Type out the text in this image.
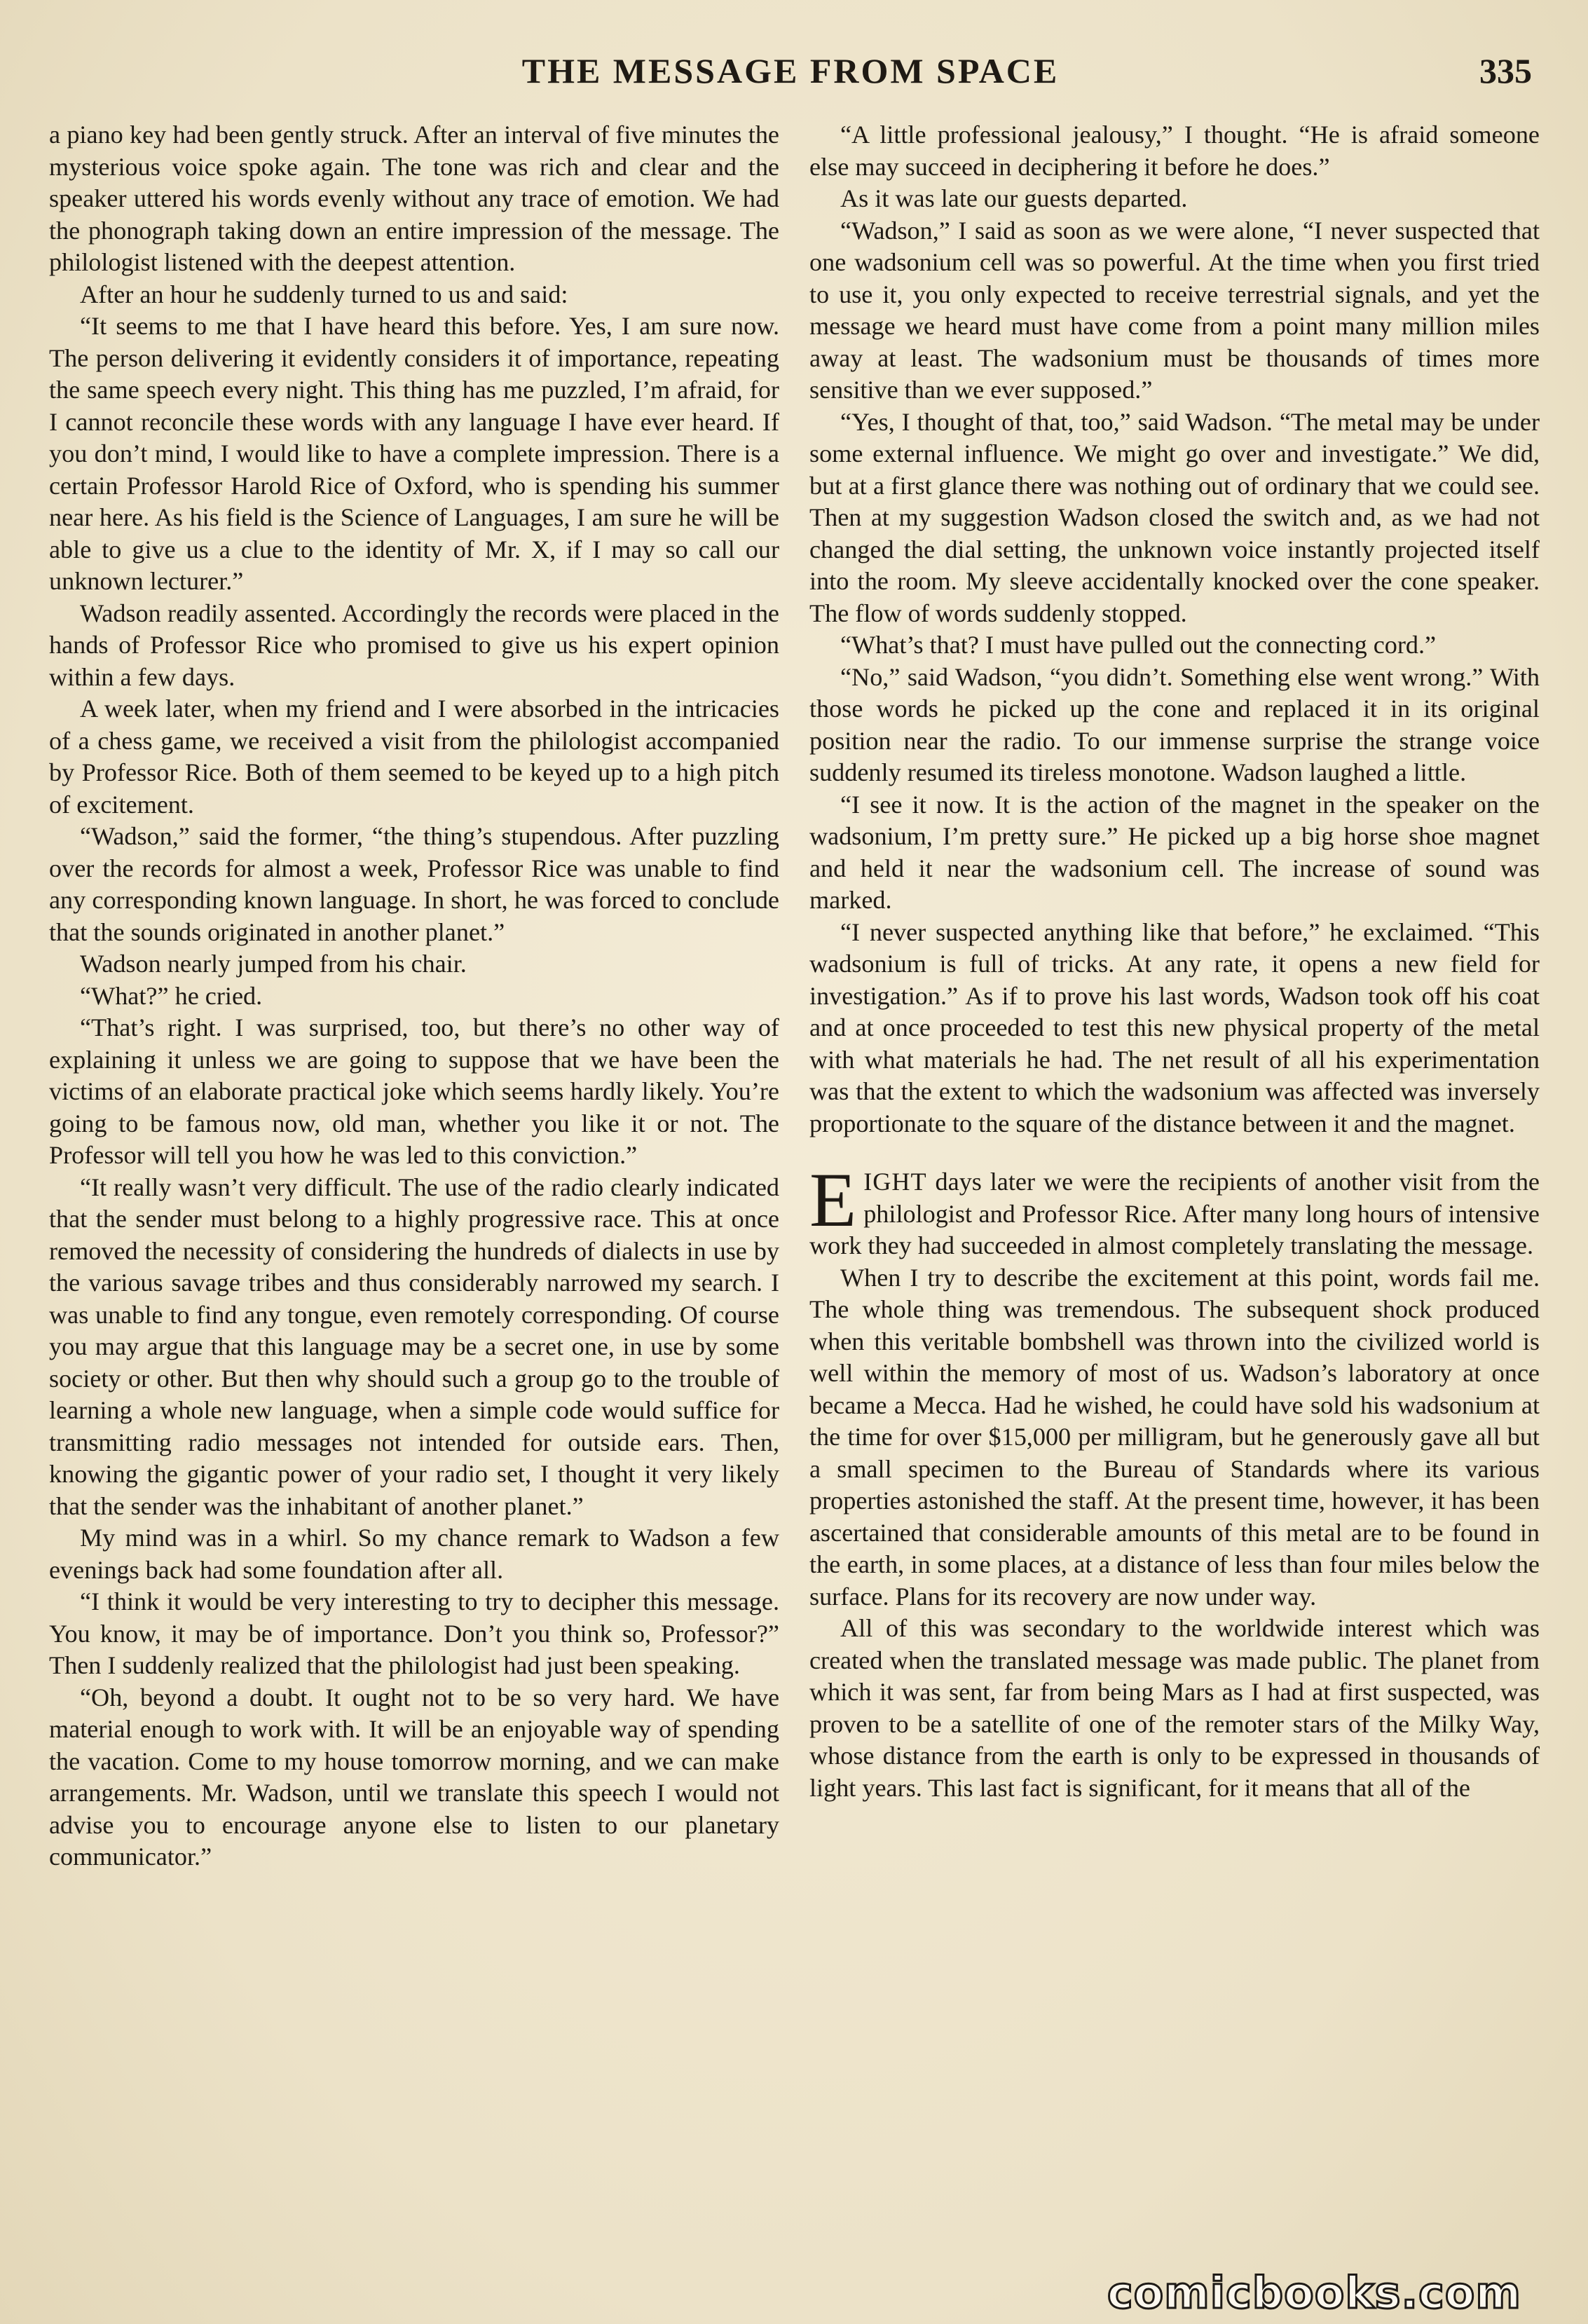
THE MESSAGE FROM SPACE	335

a piano key had been gently struck. After an interval of five minutes the mysterious voice spoke again. The tone was rich and clear and the speaker uttered his words evenly without any trace of emotion. We had the phonograph taking down an entire impression of the message. The philologist listened with the deepest attention.

After an hour he suddenly turned to us and said:

“It seems to me that I have heard this before. Yes, I am sure now. The person delivering it evidently considers it of importance, repeating the same speech every night. This thing has me puzzled, I’m afraid, for I cannot reconcile these words with any language I have ever heard. If you don’t mind, I would like to have a complete impression. There is a certain Professor Harold Rice of Oxford, who is spending his summer near here. As his field is the Science of Languages, I am sure he will be able to give us a clue to the identity of Mr. X, if I may so call our unknown lecturer.”

Wadson readily assented. Accordingly the records were placed in the hands of Professor Rice who promised to give us his expert opinion within a few days.

A week later, when my friend and I were absorbed in the intricacies of a chess game, we received a visit from the philologist accompanied by Professor Rice. Both of them seemed to be keyed up to a high pitch of excitement.

“Wadson,” said the former, “the thing’s stupendous. After puzzling over the records for almost a week, Professor Rice was unable to find any corresponding known language. In short, he was forced to conclude that the sounds originated in another planet.”

Wadson nearly jumped from his chair.

“What?” he cried.

“That’s right. I was surprised, too, but there’s no other way of explaining it unless we are going to suppose that we have been the victims of an elaborate practical joke which seems hardly likely. You’re going to be famous now, old man, whether you like it or not. The Professor will tell you how he was led to this conviction.”

“It really wasn’t very difficult. The use of the radio clearly indicated that the sender must belong to a highly progressive race. This at once removed the necessity of considering the hundreds of dialects in use by the various savage tribes and thus considerably narrowed my search. I was unable to find any tongue, even remotely corresponding. Of course you may argue that this language may be a secret one, in use by some society or other. But then why should such a group go to the trouble of learning a whole new language, when a simple code would suffice for transmitting radio messages not intended for outside ears. Then, knowing the gigantic power of your radio set, I thought it very likely that the sender was the inhabitant of another planet.”

My mind was in a whirl. So my chance remark to Wadson a few evenings back had some foundation after all.

“I think it would be very interesting to try to decipher this message. You know, it may be of importance. Don’t you think so, Professor?” Then I suddenly realized that the philologist had just been speaking.

“Oh, beyond a doubt. It ought not to be so very hard. We have material enough to work with. It will be an enjoyable way of spending the vacation. Come to my house tomorrow morning, and we can make arrangements. Mr. Wadson, until we translate this speech I would not advise you to encourage anyone else to listen to our planetary communicator.”

“A little professional jealousy,” I thought. “He is afraid someone else may succeed in deciphering it before he does.”

As it was late our guests departed.

“Wadson,” I said as soon as we were alone, “I never suspected that one wadsonium cell was so powerful. At the time when you first tried to use it, you only expected to receive terrestrial signals, and yet the message we heard must have come from a point many million miles away at least. The wadsonium must be thousands of times more sensitive than we ever supposed.”

“Yes, I thought of that, too,” said Wadson. “The metal may be under some external influence. We might go over and investigate.” We did, but at a first glance there was nothing out of ordinary that we could see. Then at my suggestion Wadson closed the switch and, as we had not changed the dial setting, the unknown voice instantly projected itself into the room. My sleeve accidentally knocked over the cone speaker. The flow of words suddenly stopped.

“What’s that? I must have pulled out the connecting cord.”

“No,” said Wadson, “you didn’t. Something else went wrong.” With those words he picked up the cone and replaced it in its original position near the radio. To our immense surprise the strange voice suddenly resumed its tireless monotone. Wadson laughed a little.

“I see it now. It is the action of the magnet in the speaker on the wadsonium, I’m pretty sure.” He picked up a big horse shoe magnet and held it near the wadsonium cell. The increase of sound was marked.

“I never suspected anything like that before,” he exclaimed. “This wadsonium is full of tricks. At any rate, it opens a new field for investigation.” As if to prove his last words, Wadson took off his coat and at once proceeded to test this new physical property of the metal with what materials he had. The net result of all his experimentation was that the extent to which the wadsonium was affected was inversely proportionate to the square of the distance between it and the magnet.

EIGHT days later we were the recipients of another visit from the philologist and Professor Rice. After many long hours of intensive work they had succeeded in almost completely translating the message.

When I try to describe the excitement at this point, words fail me. The whole thing was tremendous. The subsequent shock produced when this veritable bombshell was thrown into the civilized world is well within the memory of most of us. Wadson’s laboratory at once became a Mecca. Had he wished, he could have sold his wadsonium at the time for over $15,000 per milligram, but he generously gave all but a small specimen to the Bureau of Standards where its various properties astonished the staff. At the present time, however, it has been ascertained that considerable amounts of this metal are to be found in the earth, in some places, at a distance of less than four miles below the surface. Plans for its recovery are now under way.

All of this was secondary to the worldwide interest which was created when the translated message was made public. The planet from which it was sent, far from being Mars as I had at first suspected, was proven to be a satellite of one of the remoter stars of the Milky Way, whose distance from the earth is only to be expressed in thousands of light years. This last fact is significant, for it means that all of the

comicbooks.com
